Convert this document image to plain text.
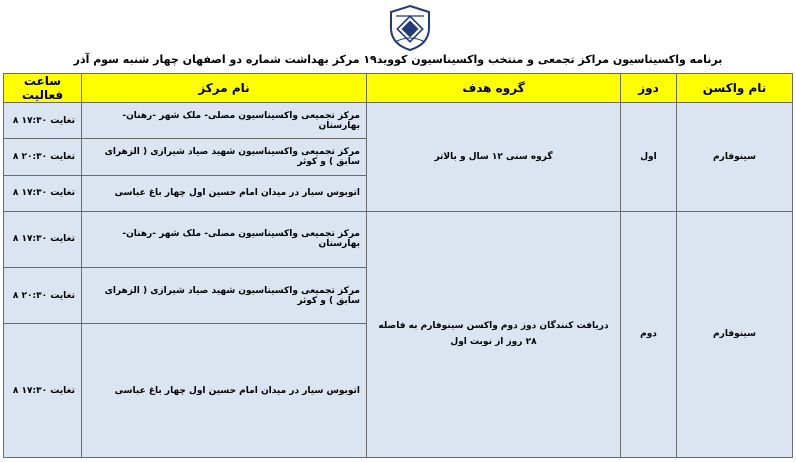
برنامه واکسیناسیون مراکز تجمعی و منتخب واکسیناسیون کووید۱۹ مرکز بهداشت شماره دو اصفهان چهار شنبه سوم آذر
نام واکسن	دوز	گروه هدف	نام مرکز	ساعت فعالیت
سینوفارم	اول	گروه سنی ۱۲ سال و بالاتر	مرکز تجمیعی واکسیناسیون مصلی- ملک شهر -رهنان- بهارستان	۸ تغایت ۱۷:۳۰
			مرکز تجمیعی واکسیناسیون شهید صیاد شیرازی ( الزهرای سابق ) و کوثر	۸ تغایت ۲۰:۳۰
			اتوبوس سیار در میدان امام حسین اول چهار باغ عباسی	۸ تغایت ۱۷:۳۰
سینوفارم	دوم	دریافت کنندگان دوز دوم واکسن سینوفارم به فاصله ۲۸ روز از نوبت اول	مرکز تجمیعی واکسیناسیون مصلی- ملک شهر -رهنان- بهارستان	۸ تغایت ۱۷:۳۰
			مرکز تجمیعی واکسیناسیون شهید صیاد شیرازی ( الزهرای سابق ) و کوثر	۸ تغایت ۲۰:۳۰
			اتوبوس سیار در میدان امام حسین اول چهار باغ عباسی	۸ تغایت ۱۷:۳۰
